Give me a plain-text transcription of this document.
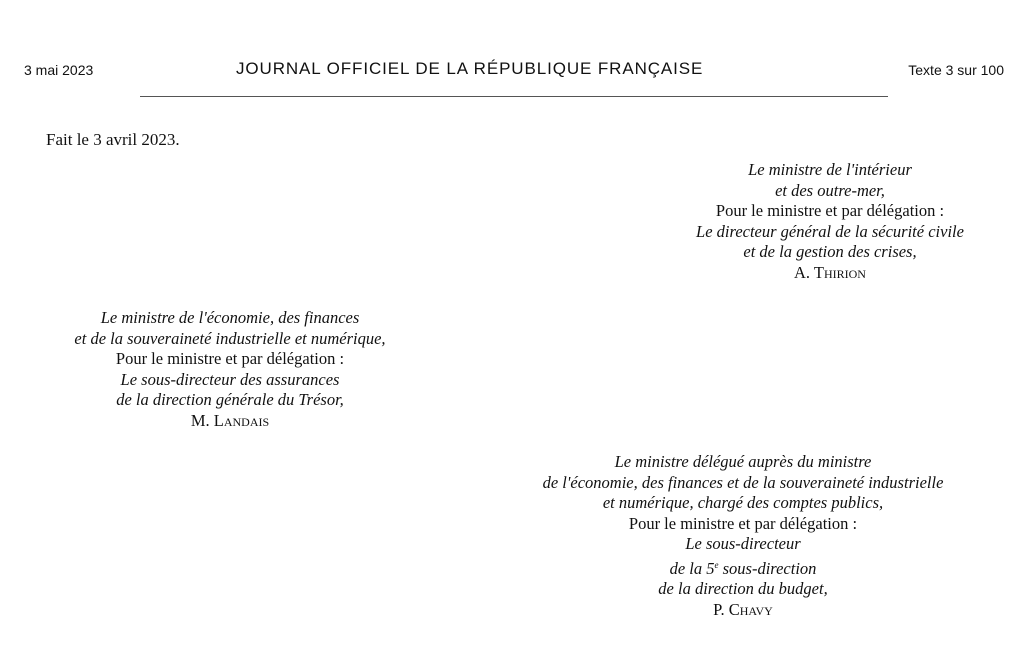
3 mai 2023	JOURNAL OFFICIEL DE LA RÉPUBLIQUE FRANÇAISE	Texte 3 sur 100
Fait le 3 avril 2023.
Le ministre de l'intérieur
et des outre-mer,
Pour le ministre et par délégation :
Le directeur général de la sécurité civile
et de la gestion des crises,
A. Thirion
Le ministre de l'économie, des finances
et de la souveraineté industrielle et numérique,
Pour le ministre et par délégation :
Le sous-directeur des assurances
de la direction générale du Trésor,
M. Landais
Le ministre délégué auprès du ministre
de l'économie, des finances et de la souveraineté industrielle
et numérique, chargé des comptes publics,
Pour le ministre et par délégation :
Le sous-directeur
de la 5e sous-direction
de la direction du budget,
P. Chavy
